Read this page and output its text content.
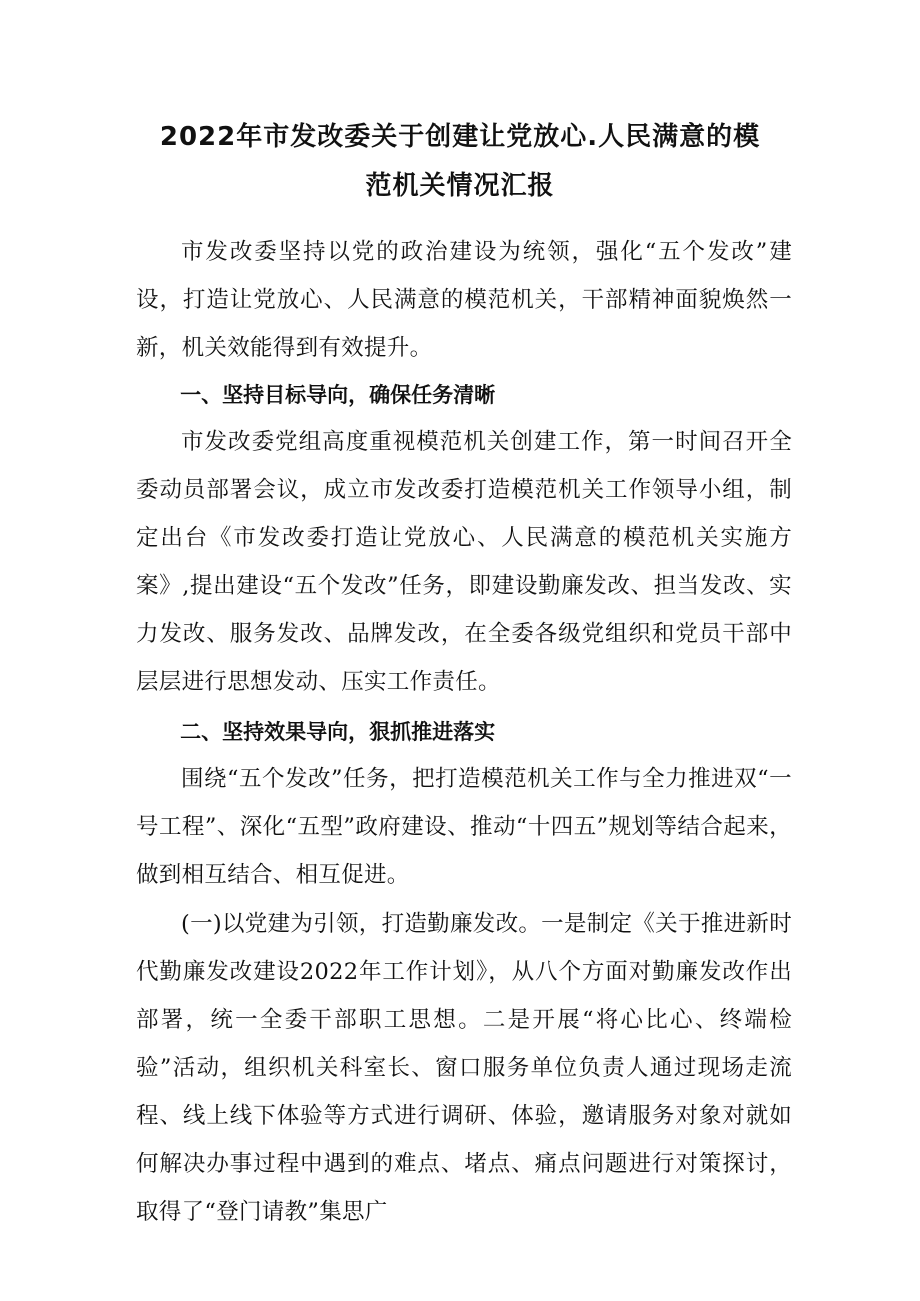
2022年市发改委关于创建让党放心.人民满意的模
范机关情况汇报

市发改委坚持以党的政治建设为统领，强化“五个发改”建设，打造让党放心、人民满意的模范机关，干部精神面貌焕然一新，机关效能得到有效提升。

一、坚持目标导向，确保任务清晰

市发改委党组高度重视模范机关创建工作，第一时间召开全委动员部署会议，成立市发改委打造模范机关工作领导小组，制定出台《市发改委打造让党放心、人民满意的模范机关实施方案》,提出建设“五个发改”任务，即建设勤廉发改、担当发改、实力发改、服务发改、品牌发改，在全委各级党组织和党员干部中层层进行思想发动、压实工作责任。

二、坚持效果导向，狠抓推进落实

围绕“五个发改”任务，把打造模范机关工作与全力推进双“一号工程”、深化“五型”政府建设、推动“十四五”规划等结合起来，做到相互结合、相互促进。

(一)以党建为引领，打造勤廉发改。一是制定《关于推进新时代勤廉发改建设2022年工作计划》，从八个方面对勤廉发改作出部署，统一全委干部职工思想。二是开展“将心比心、终端检验”活动，组织机关科室长、窗口服务单位负责人通过现场走流程、线上线下体验等方式进行调研、体验，邀请服务对象对就如何解决办事过程中遇到的难点、堵点、痛点问题进行对策探讨，取得了“登门请教”集思广
